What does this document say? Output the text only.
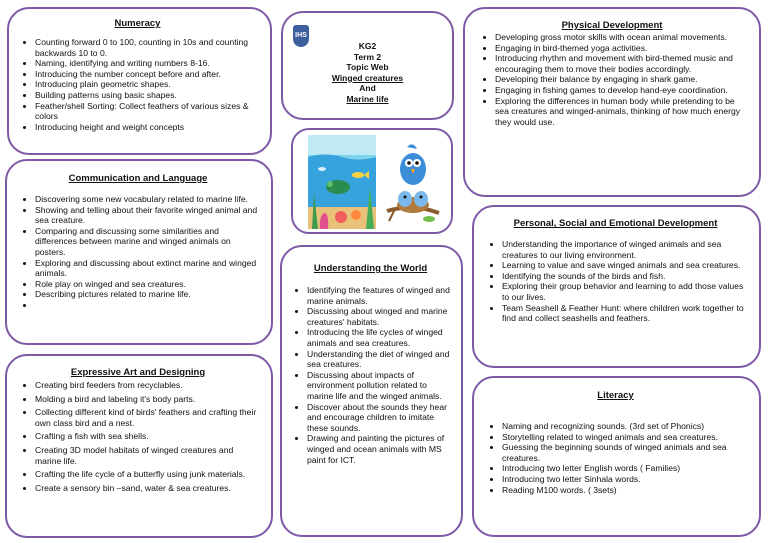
Numeracy
• Counting forward 0 to 100, counting in 10s and counting backwards 10 to 0.
• Naming, identifying and writing numbers 8-16.
• Introducing the number concept before and after.
• Introducing plain geometric shapes.
• Building patterns using basic shapes.
• Feather/shell Sorting: Collect feathers of various sizes & colors
• Introducing height and weight concepts
IHS
KG2
Term 2
Topic Web
Winged creatures
And
Marine life
Physical Development
• Developing gross motor skills with ocean animal movements.
• Engaging in bird-themed yoga activities.
• Introducing rhythm and movement with bird-themed music and encouraging them to move their bodies accordingly.
• Developing their balance by engaging in shark game.
• Engaging in fishing games to develop hand-eye coordination.
• Exploring the differences in human body while pretending to be sea creatures and winged-animals, thinking of how much energy they would use.
Communication and Language
• Discovering some new vocabulary related to marine life.
• Showing and telling about their favorite winged animal and sea creature.
• Comparing and discussing some similarities and differences between marine and winged animals on posters.
• Exploring and discussing about extinct marine and winged animals.
• Role play on winged and sea creatures.
• Describing pictures related to marine life.
•
Personal, Social and Emotional Development
• Understanding the importance of winged animals and sea creatures to our living environment.
• Learning to value and save winged animals and sea creatures.
• Identifying the sounds of the birds and fish.
• Exploring their group behavior and learning to add those values to our lives.
• Team Seashell & Feather Hunt: where children work together to find and collect seashells and feathers.
Understanding the World
• Identifying the features of winged and marine animals.
• Discussing about winged and marine creatures' habitats.
• Introducing the life cycles of winged animals and sea creatures.
• Understanding the diet of winged and sea creatures.
• Discussing about impacts of environment pollution related to marine life and the winged animals.
• Discover about the sounds they hear and encourage children to imitate these sounds.
• Drawing and painting the pictures of winged and ocean animals with MS paint for ICT.
Expressive Art and Designing
• Creating bird feeders from recyclables.
• Molding a bird and labeling it's body parts.
• Collecting different kind of birds' feathers and crafting their own class bird and a nest.
• Crafting a fish with sea shells.
• Creating 3D model habitats of winged creatures and marine life.
• Crafting the life cycle of a butterfly using junk materials.
• Create a sensory bin –sand, water & sea creatures.
Literacy
• Naming and recognizing sounds. (3rd set of Phonics)
• Storytelling related to winged animals and sea creatures.
• Guessing the beginning sounds of winged animals and sea creatures.
• Introducing two letter English words ( Families)
• Introducing two letter Sinhala words.
• Reading M100 words. ( 3sets)
